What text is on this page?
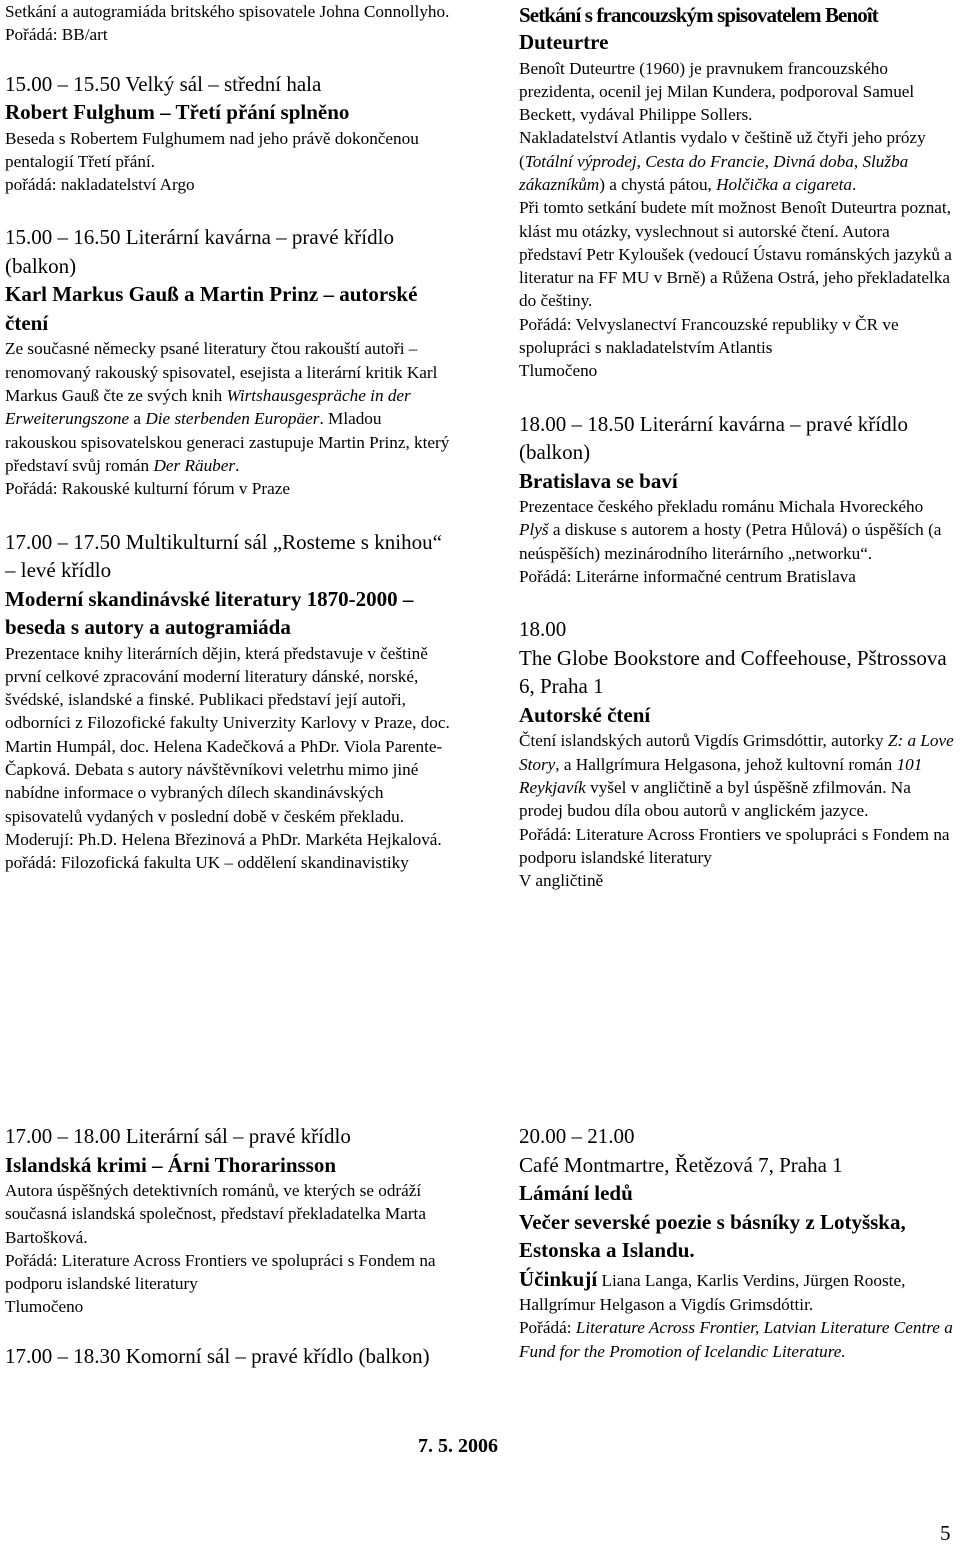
Setkání a autogramiáda britského spisovatele Johna Connollyho.

Pořádá: BB/art

15.00 – 15.50 Velký sál – střední hala

Robert Fulghum – Třetí přání splněno

Beseda s Robertem Fulghumem nad jeho právě dokončenou pentalogií Třetí přání.

pořádá: nakladatelství Argo

15.00 – 16.50 Literární kavárna – pravé křídlo (balkon)

Karl Markus Gauß a Martin Prinz – autorské čtení

Ze současné německy psané literatury čtou rakouští autoři – renomovaný rakouský spisovatel, esejista a literární kritik Karl Markus Gauß čte ze svých knih Wirtshausgespräche in der Erweiterungszone a Die sterbenden Europäer. Mladou rakouskou spisovatelskou generaci zastupuje Martin Prinz, který představí svůj román Der Räuber.

Pořádá: Rakouské kulturní fórum v Praze

17.00 – 17.50 Multikulturní sál „Rosteme s knihou“ – levé křídlo

Moderní skandinávské literatury 1870-2000 – beseda s autory a autogramiáda

Prezentace knihy literárních dějin, která představuje v češtině první celkové zpracování moderní literatury dánské, norské, švédské, islandské a finské. Publikaci představí její autoři, odborníci z Filozofické fakulty Univerzity Karlovy v Praze, doc. Martin Humpál, doc. Helena Kadečková a PhDr. Viola Parente-Čapková. Debata s autory návštěvníkovi veletrhu mimo jiné nabídne informace o vybraných dílech skandinávských spisovatelů vydaných v poslední době v českém překladu.

Moderují: Ph.D. Helena Březinová a PhDr. Markéta Hejkalová.

pořádá: Filozofická fakulta UK – oddělení skandinavistiky

Setkání s francouzským spisovatelem Benoît

Duteurtre

Benoît Duteurtre (1960) je pravnukem francouzského prezidenta, ocenil jej Milan Kundera, podporoval Samuel Beckett, vydával Philippe Sollers.

Nakladatelství Atlantis vydalo v češtině už čtyři jeho prózy (Totální výprodej, Cesta do Francie, Divná doba, Služba zákazníkům) a chystá pátou, Holčička a cigareta.

Při tomto setkání budete mít možnost Benoît Duteurtra poznat, klást mu otázky, vyslechnout si autorské čtení. Autora představí Petr Kyloušek (vedoucí Ústavu románských jazyků a literatur na FF MU v Brně) a Růžena Ostrá, jeho překladatelka do češtiny.

Pořádá: Velvyslanectví Francouzské republiky v ČR ve spolupráci s nakladatelstvím Atlantis

Tlumočeno

18.00 – 18.50 Literární kavárna – pravé křídlo (balkon)

Bratislava se baví

Prezentace českého překladu románu Michala Hvoreckého Plyš a diskuse s autorem a hosty (Petra Hůlová) o úspěších (a neúspěších) mezinárodního literárního „networku“.

Pořádá: Literárne informačné centrum Bratislava

18.00

The Globe Bookstore and Coffeehouse, Pštrossova 6, Praha 1

Autorské čtení

Čtení islandských autorů Vigdís Grimsdóttir, autorky Z: a Love Story, a Hallgrímura Helgasona, jehož kultovní román 101 Reykjavík vyšel v angličtině a byl úspěšně zfilmován. Na prodej budou díla obou autorů v anglickém jazyce.

Pořádá: Literature Across Frontiers ve spolupráci s Fondem na podporu islandské literatury

V angličtině

17.00 – 18.00 Literární sál – pravé křídlo

Islandská krimi – Árni Thorarinsson

Autora úspěšných detektivních románů, ve kterých se odráží současná islandská společnost, představí překladatelka Marta Bartošková.

Pořádá: Literature Across Frontiers ve spolupráci s Fondem na podporu islandské literatury

Tlumočeno

17.00 – 18.30 Komorní sál – pravé křídlo (balkon)

20.00 – 21.00

Café Montmartre, Řetězová 7, Praha 1

Lámání ledů

Večer severské poezie s básníky z Lotyšska, Estonska a Islandu.

Účinkují Liana Langa, Karlis Verdins, Jürgen Rooste, Hallgrímur Helgason a Vigdís Grimsdóttir.

Pořádá: Literature Across Frontier, Latvian Literature Centre a Fund for the Promotion of Icelandic Literature.

7. 5. 2006
5
